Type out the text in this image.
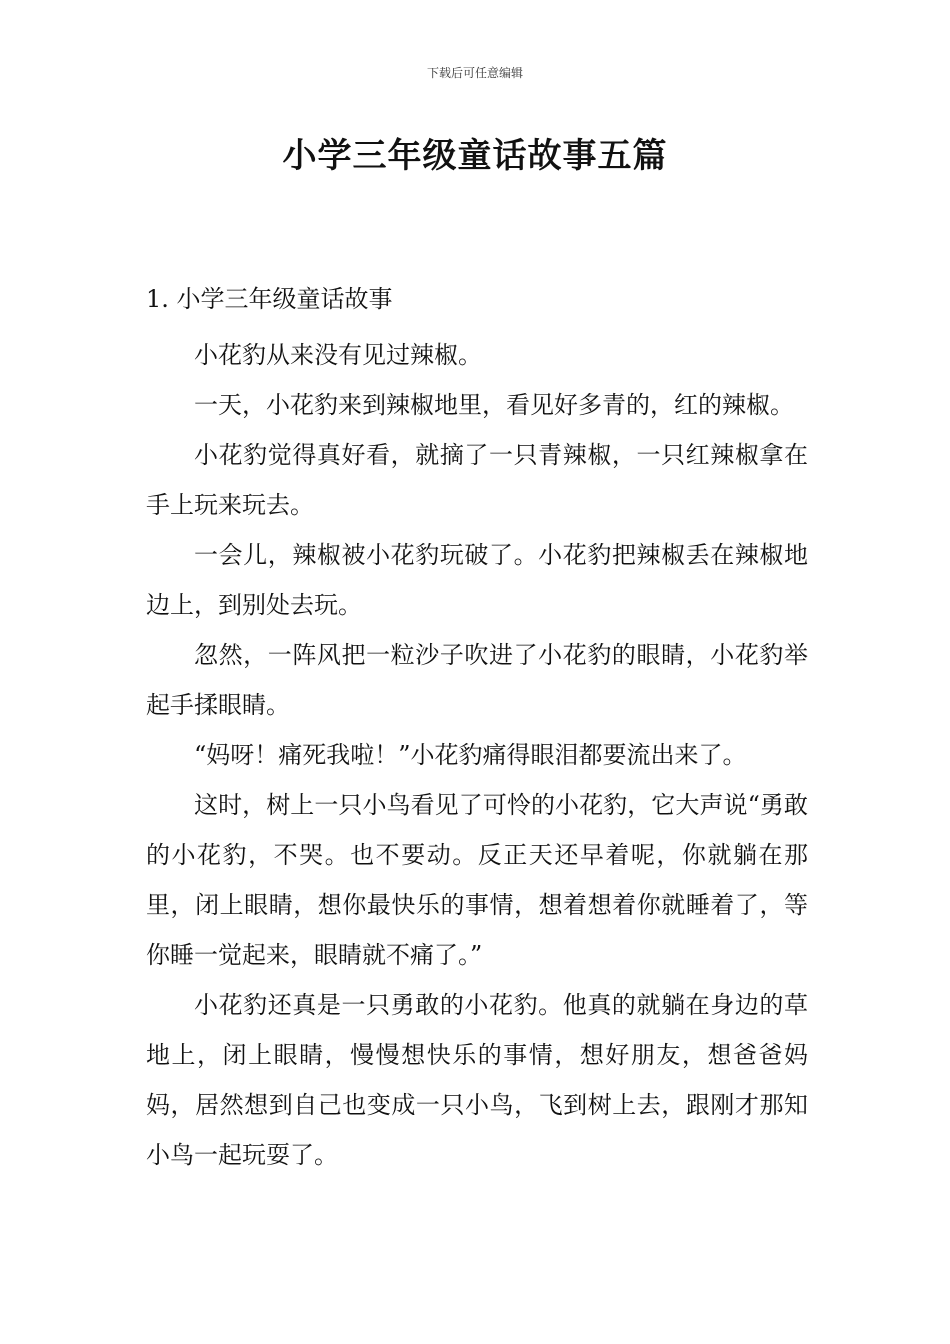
下载后可任意编辑
小学三年级童话故事五篇
1. 小学三年级童话故事

小花豹从来没有见过辣椒。

一天，小花豹来到辣椒地里，看见好多青的，红的辣椒。

小花豹觉得真好看，就摘了一只青辣椒，一只红辣椒拿在手上玩来玩去。

一会儿，辣椒被小花豹玩破了。小花豹把辣椒丢在辣椒地边上，到别处去玩。

忽然，一阵风把一粒沙子吹进了小花豹的眼睛，小花豹举起手揉眼睛。

“妈呀！痛死我啦！”小花豹痛得眼泪都要流出来了。

这时，树上一只小鸟看见了可怜的小花豹，它大声说“勇敢的小花豹，不哭。也不要动。反正天还早着呢，你就躺在那里，闭上眼睛，想你最快乐的事情，想着想着你就睡着了，等你睡一觉起来，眼睛就不痛了。”

小花豹还真是一只勇敢的小花豹。他真的就躺在身边的草地上，闭上眼睛，慢慢想快乐的事情，想好朋友，想爸爸妈妈，居然想到自己也变成一只小鸟，飞到树上去，跟刚才那知小鸟一起玩耍了。
